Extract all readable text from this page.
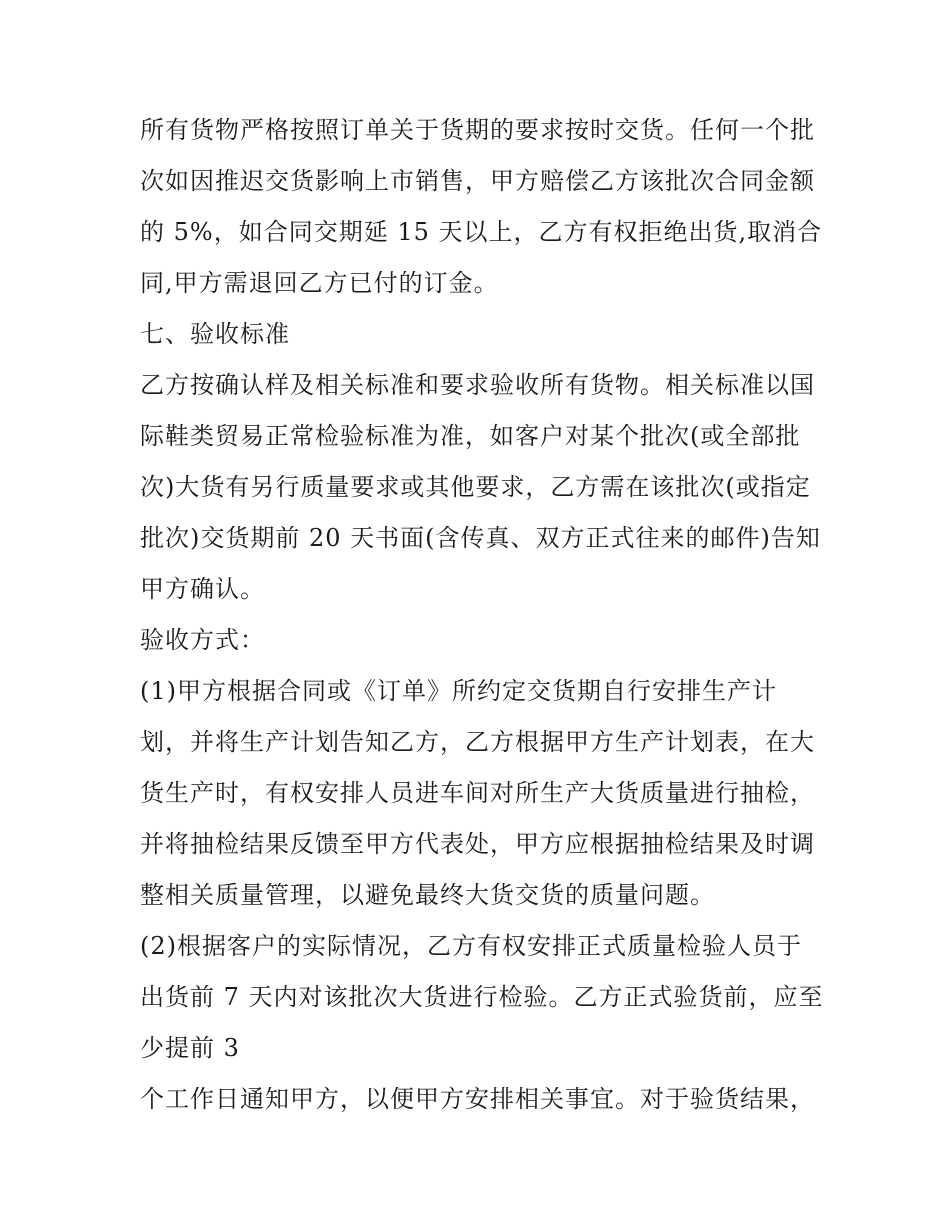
所有货物严格按照订单关于货期的要求按时交货。任何一个批
次如因推迟交货影响上市销售，甲方赔偿乙方该批次合同金额
的 5%，如合同交期延 15 天以上，乙方有权拒绝出货,取消合
同,甲方需退回乙方已付的订金。
七、验收标准
乙方按确认样及相关标准和要求验收所有货物。相关标准以国
际鞋类贸易正常检验标准为准，如客户对某个批次(或全部批
次)大货有另行质量要求或其他要求，乙方需在该批次(或指定
批次)交货期前 20 天书面(含传真、双方正式往来的邮件)告知
甲方确认。
验收方式：
(1)甲方根据合同或《订单》所约定交货期自行安排生产计
划，并将生产计划告知乙方，乙方根据甲方生产计划表，在大
货生产时，有权安排人员进车间对所生产大货质量进行抽检，
并将抽检结果反馈至甲方代表处，甲方应根据抽检结果及时调
整相关质量管理，以避免最终大货交货的质量问题。
(2)根据客户的实际情况，乙方有权安排正式质量检验人员于
出货前 7 天内对该批次大货进行检验。乙方正式验货前，应至
少提前 3
个工作日通知甲方，以便甲方安排相关事宜。对于验货结果，
